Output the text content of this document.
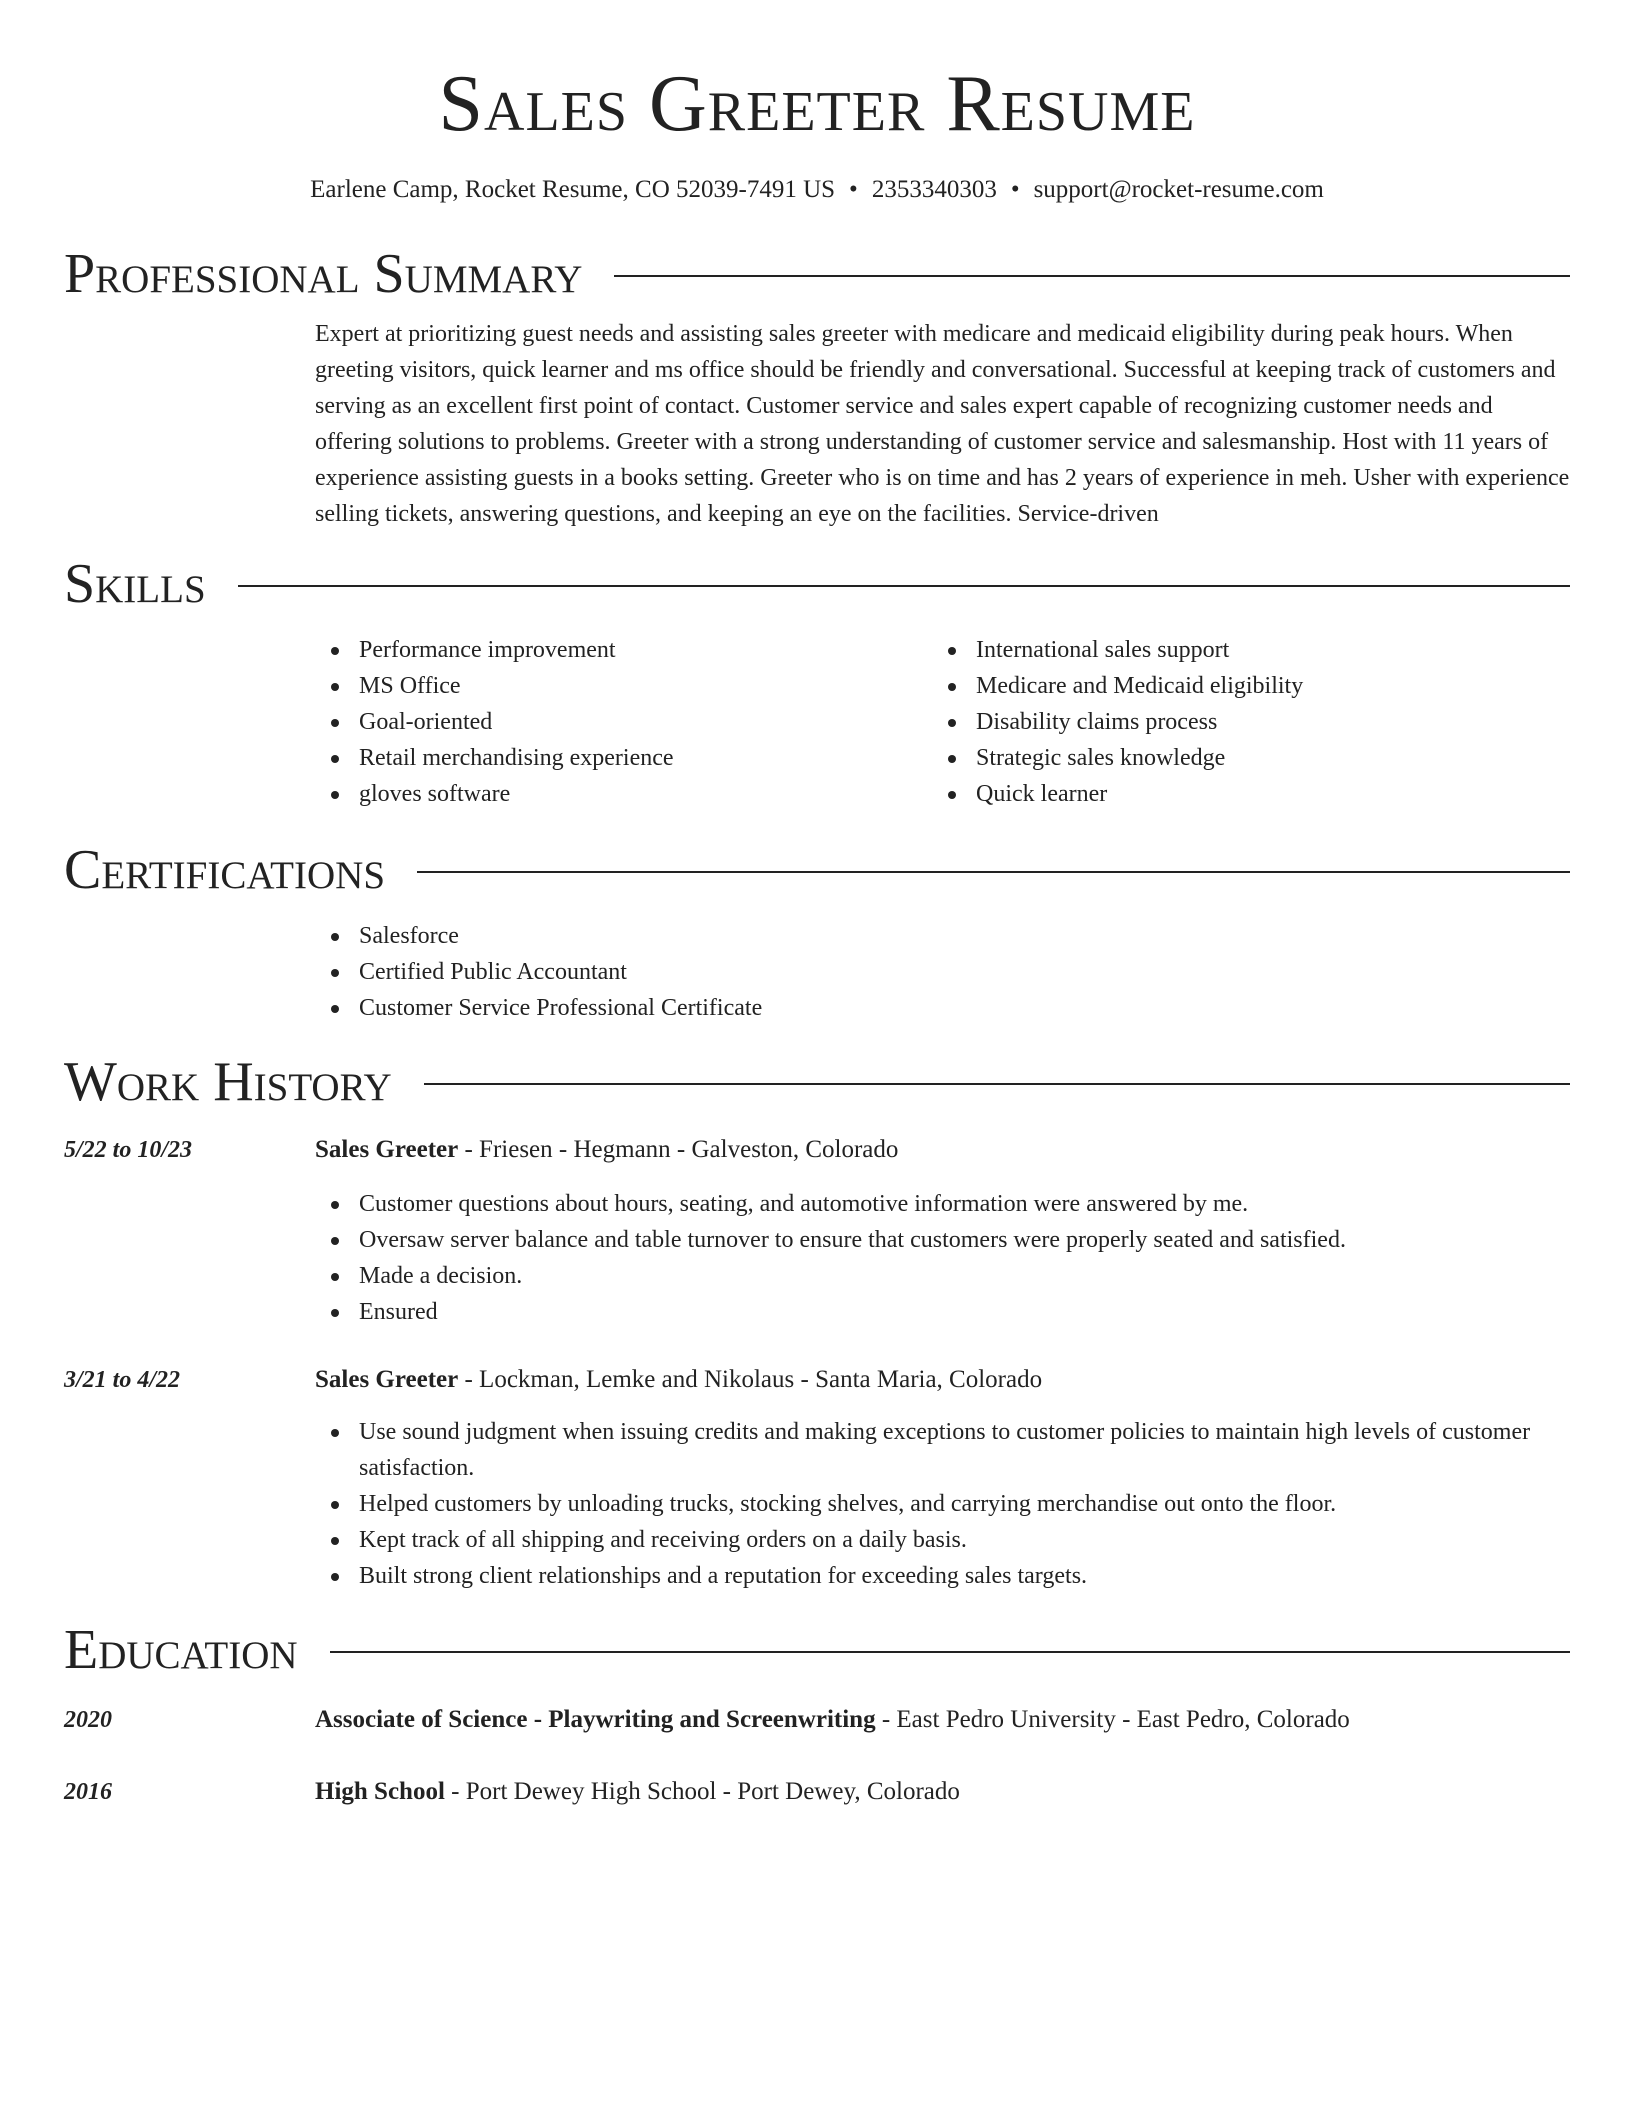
Sales Greeter Resume
Earlene Camp, Rocket Resume, CO 52039-7491 US • 2353340303 • support@rocket-resume.com
Professional Summary
Expert at prioritizing guest needs and assisting sales greeter with medicare and medicaid eligibility during peak hours. When greeting visitors, quick learner and ms office should be friendly and conversational. Successful at keeping track of customers and serving as an excellent first point of contact. Customer service and sales expert capable of recognizing customer needs and offering solutions to problems. Greeter with a strong understanding of customer service and salesmanship. Host with 11 years of experience assisting guests in a books setting. Greeter who is on time and has 2 years of experience in meh. Usher with experience selling tickets, answering questions, and keeping an eye on the facilities. Service-driven
Skills
Performance improvement
MS Office
Goal-oriented
Retail merchandising experience
gloves software
International sales support
Medicare and Medicaid eligibility
Disability claims process
Strategic sales knowledge
Quick learner
Certifications
Salesforce
Certified Public Accountant
Customer Service Professional Certificate
Work History
5/22 to 10/23	Sales Greeter - Friesen - Hegmann - Galveston, Colorado
Customer questions about hours, seating, and automotive information were answered by me.
Oversaw server balance and table turnover to ensure that customers were properly seated and satisfied.
Made a decision.
Ensured
3/21 to 4/22	Sales Greeter - Lockman, Lemke and Nikolaus - Santa Maria, Colorado
Use sound judgment when issuing credits and making exceptions to customer policies to maintain high levels of customer satisfaction.
Helped customers by unloading trucks, stocking shelves, and carrying merchandise out onto the floor.
Kept track of all shipping and receiving orders on a daily basis.
Built strong client relationships and a reputation for exceeding sales targets.
Education
2020	Associate of Science - Playwriting and Screenwriting - East Pedro University - East Pedro, Colorado
2016	High School - Port Dewey High School - Port Dewey, Colorado
